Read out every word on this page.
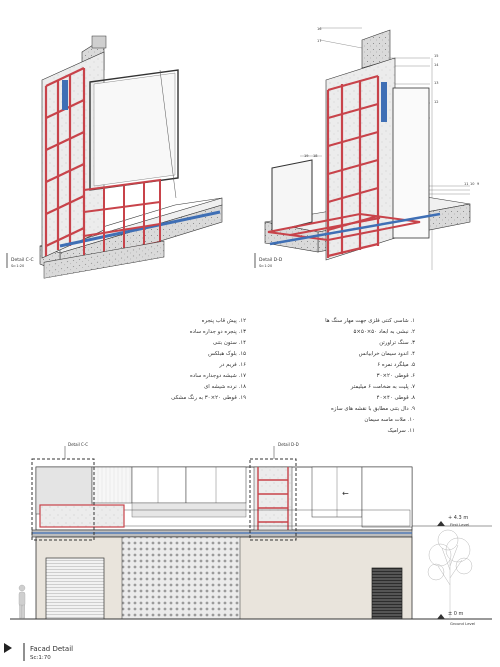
Detail C-C
Sc:1:20
16
17
15
14
13
12
19 18
11 10 9
Detail D-D
Sc:1:20
۱. شاسی کنتی فلزی جهت مهار سنگ ها
۲. نبشی به ابعاد ۵۰×۵۰×۵
۳. سنگ تراورتن
۴. اندود سیمان خرابیانس
۵. میلگرد نمره ۶
۶. قوطی ۲۰×۳۰
۷. پلیت به ضخامت ۶ میلیمتر
۸. قوطی ۴۰×۴۰
۹. دال بتنی مطابق با نقشه های سازه
۱۰. ملات ماسه سیمان
۱۱. سرامیک
۱۲. پیش قاب پنجره
۱۳. پنجره دو جداره ساده
۱۴. ستون بتنی
۱۵. بلوک هبلکس
۱۶. فریم در
۱۷. شیشه دوجداره ساده
۱۸. نرده شیشه ای
۱۹. قوطی ۲۰×۳۰ به رنگ مشکی
←
Detail C-C	Detail D-D
+ 4.3 m
First Level
± 0 m
Ground Level
Facad Detail
Sc:1:70
